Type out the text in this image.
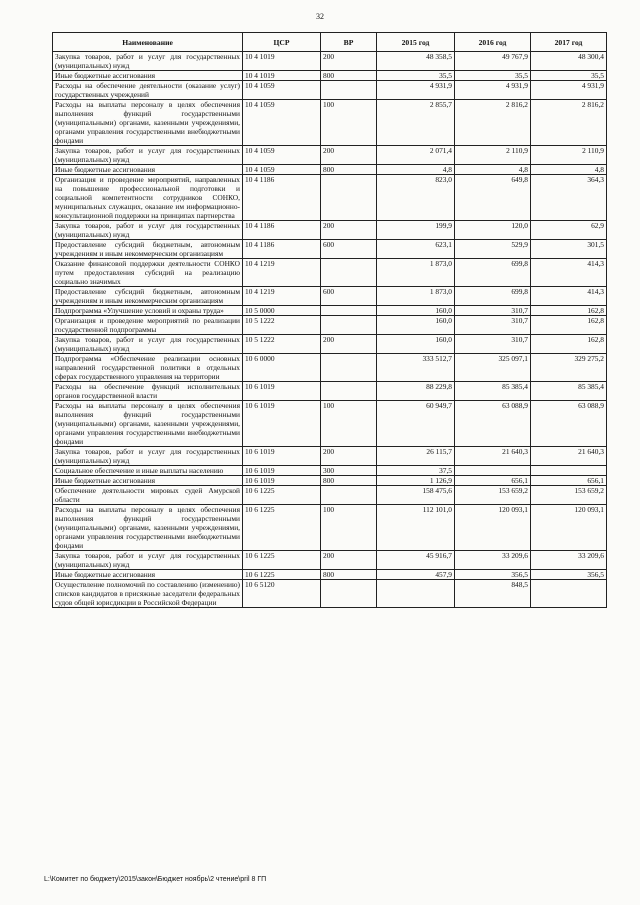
32
Наименование	ЦСР	ВР	2015 год	2016 год	2017 год
Закупка товаров, работ и услуг для государственных (муниципальных) нужд	10 4 1019	200	48 358,5	49 767,9	48 300,4
Иные бюджетные ассигнования	10 4 1019	800	35,5	35,5	35,5
Расходы на обеспечение деятельности (оказание услуг) государственных учреждений	10 4 1059		4 931,9	4 931,9	4 931,9
Расходы на выплаты персоналу в целях обеспечения выполнения функций государственными (муниципальными) органами, казенными учреждениями, органами управления государственными внебюджетными фондами	10 4 1059	100	2 855,7	2 816,2	2 816,2
Закупка товаров, работ и услуг для государственных (муниципальных) нужд	10 4 1059	200	2 071,4	2 110,9	2 110,9
Иные бюджетные ассигнования	10 4 1059	800	4,8	4,8	4,8
Организация и проведение мероприятий, направленных на повышение профессиональной подготовки и социальной компетентности сотрудников СОНКО, муниципальных служащих, оказание им информационно-консультационной поддержки на принципах партнерства	10 4 1186		823,0	649,8	364,3
Закупка товаров, работ и услуг для государственных (муниципальных) нужд	10 4 1186	200	199,9	120,0	62,9
Предоставление субсидий бюджетным, автономным учреждениям и иным некоммерческим организациям	10 4 1186	600	623,1	529,9	301,5
Оказание финансовой поддержки деятельности СОНКО путем предоставления субсидий на реализацию социально значимых	10 4 1219		1 873,0	699,8	414,3
Предоставление субсидий бюджетным, автономным учреждениям и иным некоммерческим организациям	10 4 1219	600	1 873,0	699,8	414,3
Подпрограмма «Улучшение условий и охраны труда»	10 5 0000		160,0	310,7	162,8
Организация и проведение мероприятий по реализации государственной подпрограммы	10 5 1222		160,0	310,7	162,8
Закупка товаров, работ и услуг для государственных (муниципальных) нужд	10 5 1222	200	160,0	310,7	162,8
Подпрограмма «Обеспечение реализации основных направлений государственной политики в отдельных сферах государственного управления на территории	10 6 0000		333 512,7	325 097,1	329 275,2
Расходы на обеспечение функций исполнительных органов государственной власти	10 6 1019		88 229,8	85 385,4	85 385,4
Расходы на выплаты персоналу в целях обеспечения выполнения функций государственными (муниципальными) органами, казенными учреждениями, органами управления государственными внебюджетными фондами	10 6 1019	100	60 949,7	63 088,9	63 088,9
Закупка товаров, работ и услуг для государственных (муниципальных) нужд	10 6 1019	200	26 115,7	21 640,3	21 640,3
Социальное обеспечение и иные выплаты населению	10 6 1019	300	37,5		
Иные бюджетные ассигнования	10 6 1019	800	1 126,9	656,1	656,1
Обеспечение деятельности мировых судей Амурской области	10 6 1225		158 475,6	153 659,2	153 659,2
Расходы на выплаты персоналу в целях обеспечения выполнения функций государственными (муниципальными) органами, казенными учреждениями, органами управления государственными внебюджетными фондами	10 6 1225	100	112 101,0	120 093,1	120 093,1
Закупка товаров, работ и услуг для государственных (муниципальных) нужд	10 6 1225	200	45 916,7	33 209,6	33 209,6
Иные бюджетные ассигнования	10 6 1225	800	457,9	356,5	356,5
Осуществление полномочий по составлению (изменению) списков кандидатов в присяжные заседатели федеральных судов общей юрисдикции в Российской Федерации	10 6 5120			848,5	
L:\Комитет по бюджету\2015\закон\Бюджет ноябрь\2 чтение\pril 8 ГП
